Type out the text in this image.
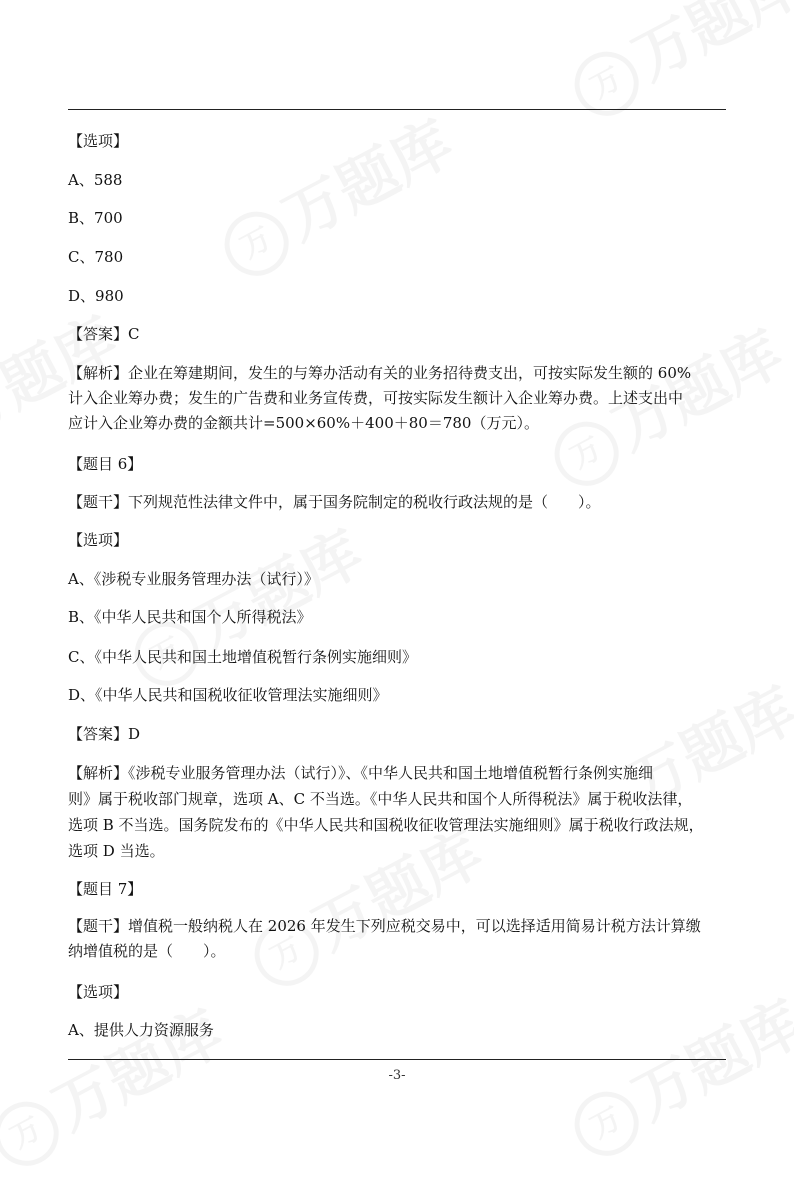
【选项】
A、588
B、700
C、780
D、980
【答案】C
【解析】企业在筹建期间，发生的与筹办活动有关的业务招待费支出，可按实际发生额的 60%
计入企业筹办费；发生的广告费和业务宣传费，可按实际发生额计入企业筹办费。上述支出中
应计入企业筹办费的金额共计=500×60%＋400＋80＝780（万元）。
【题目 6】
【题干】下列规范性法律文件中，属于国务院制定的税收行政法规的是（　　）。
【选项】
A、《涉税专业服务管理办法（试行）》
B、《中华人民共和国个人所得税法》
C、《中华人民共和国土地增值税暂行条例实施细则》
D、《中华人民共和国税收征收管理法实施细则》
【答案】D
【解析】《涉税专业服务管理办法（试行）》、《中华人民共和国土地增值税暂行条例实施细
则》属于税收部门规章，选项 A、C 不当选。《中华人民共和国个人所得税法》属于税收法律，
选项 B 不当选。国务院发布的《中华人民共和国税收征收管理法实施细则》属于税收行政法规，
选项 D 当选。
【题目 7】
【题干】增值税一般纳税人在 2026 年发生下列应税交易中，可以选择适用简易计税方法计算缴
纳增值税的是（　　）。
【选项】
A、提供人力资源服务
-3-
